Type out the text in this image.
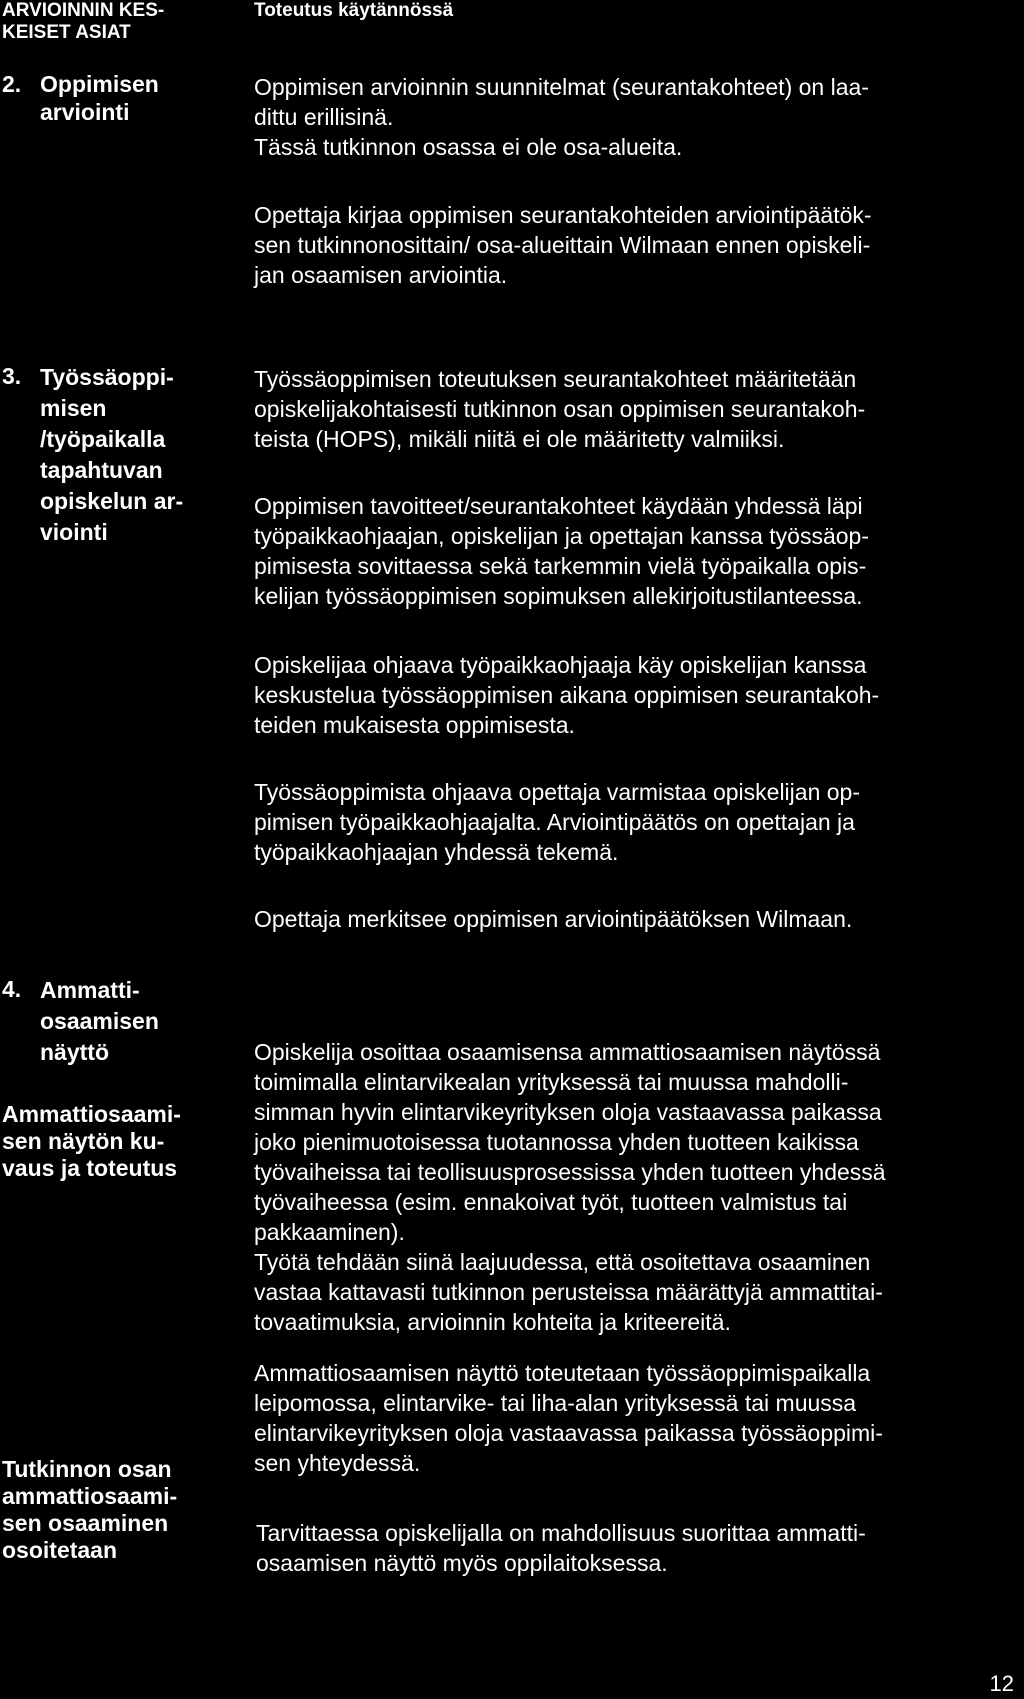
ARVIOINNIN KES-
KEISET ASIAT
Toteutus käytännössä
2. Oppimisen
arviointi

Oppimisen arvioinnin suunnitelmat (seurantakohteet) on laa-
dittu erillisinä.
Tässä tutkinnon osassa ei ole osa-alueita.

Opettaja kirjaa oppimisen seurantakohteiden arviointipäätök-
sen tutkinnonosittain/ osa-alueittain Wilmaan ennen opiskeli-
jan osaamisen arviointia.

3. Työssäoppi-
misen
/työpaikalla
tapahtuvan
opiskelun ar-
viointi

Työssäoppimisen toteutuksen seurantakohteet määritetään
opiskelijakohtaisesti tutkinnon osan oppimisen seurantakoh-
teista (HOPS), mikäli niitä ei ole määritetty valmiiksi.

Oppimisen tavoitteet/seurantakohteet käydään yhdessä läpi
työpaikkaohjaajan, opiskelijan ja opettajan kanssa työssäop-
pimisesta sovittaessa sekä tarkemmin vielä työpaikalla opis-
kelijan työssäoppimisen sopimuksen allekirjoitustilanteessa.

Opiskelijaa ohjaava työpaikkaohjaaja käy opiskelijan kanssa
keskustelua työssäoppimisen aikana oppimisen seurantakoh-
teiden mukaisesta oppimisesta.

Työssäoppimista ohjaava opettaja varmistaa opiskelijan op-
pimisen työpaikkaohjaajalta. Arviointipäätös on opettajan ja
työpaikkaohjaajan yhdessä tekemä.

Opettaja merkitsee oppimisen arviointipäätöksen Wilmaan.

4. Ammatti-
osaamisen
näyttö
Ammattiosaami-
sen näytön ku-
vaus ja toteutus
Tutkinnon osan
ammattiosaami-
sen osaaminen
osoitetaan

Opiskelija osoittaa osaamisensa ammattiosaamisen näytössä
toimimalla elintarvikealan yrityksessä tai muussa mahdolli-
simman hyvin elintarvikeyrityksen oloja vastaavassa paikassa
joko pienimuotoisessa tuotannossa yhden tuotteen kaikissa
työvaiheissa tai teollisuusprosessissa yhden tuotteen yhdessä
työvaiheessa (esim. ennakoivat työt, tuotteen valmistus tai
pakkaaminen).
Työtä tehdään siinä laajuudessa, että osoitettava osaaminen
vastaa kattavasti tutkinnon perusteissa määrättyjä ammattitai-
tovaatimuksia, arvioinnin kohteita ja kriteereitä.

Ammattiosaamisen näyttö toteutetaan työssäoppimispaikalla
leipomossa, elintarvike- tai liha-alan yrityksessä tai muussa
elintarvikeyrityksen oloja vastaavassa paikassa työssäoppimi-
sen yhteydessä.

Tarvittaessa opiskelijalla on mahdollisuus suorittaa ammatti-
osaamisen näyttö myös oppilaitoksessa.

12
